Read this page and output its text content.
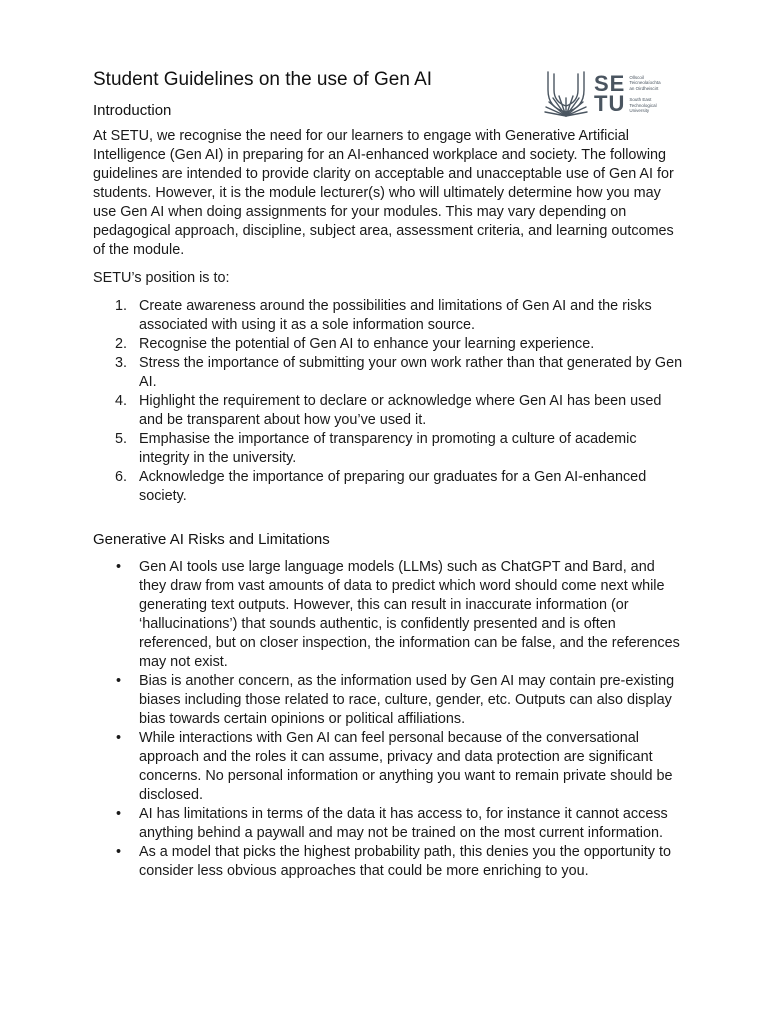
Student Guidelines on the use of Gen AI	SE
TU
Ollscoil
Teicneolaíochta
an Oirdheiscirt
South East
Technological
University
Introduction

At SETU, we recognise the need for our learners to engage with Generative Artificial Intelligence (Gen AI) in preparing for an AI-enhanced workplace and society. The following guidelines are intended to provide clarity on acceptable and unacceptable use of Gen AI for students. However, it is the module lecturer(s) who will ultimately determine how you may use Gen AI when doing assignments for your modules. This may vary depending on pedagogical approach, discipline, subject area, assessment criteria, and learning outcomes of the module.

SETU’s position is to:

1. Create awareness around the possibilities and limitations of Gen AI and the risks associated with using it as a sole information source.
2. Recognise the potential of Gen AI to enhance your learning experience.
3. Stress the importance of submitting your own work rather than that generated by Gen AI.
4. Highlight the requirement to declare or acknowledge where Gen AI has been used and be transparent about how you’ve used it.
5. Emphasise the importance of transparency in promoting a culture of academic integrity in the university.
6. Acknowledge the importance of preparing our graduates for a Gen AI-enhanced society.
Generative AI Risks and Limitations
• Gen AI tools use large language models (LLMs) such as ChatGPT and Bard, and they draw from vast amounts of data to predict which word should come next while generating text outputs. However, this can result in inaccurate information (or ‘hallucinations’) that sounds authentic, is confidently presented and is often referenced, but on closer inspection, the information can be false, and the references may not exist.
• Bias is another concern, as the information used by Gen AI may contain pre-existing biases including those related to race, culture, gender, etc. Outputs can also display bias towards certain opinions or political affiliations.
• While interactions with Gen AI can feel personal because of the conversational approach and the roles it can assume, privacy and data protection are significant concerns. No personal information or anything you want to remain private should be disclosed.
• AI has limitations in terms of the data it has access to, for instance it cannot access anything behind a paywall and may not be trained on the most current information.
• As a model that picks the highest probability path, this denies you the opportunity to consider less obvious approaches that could be more enriching to you.
